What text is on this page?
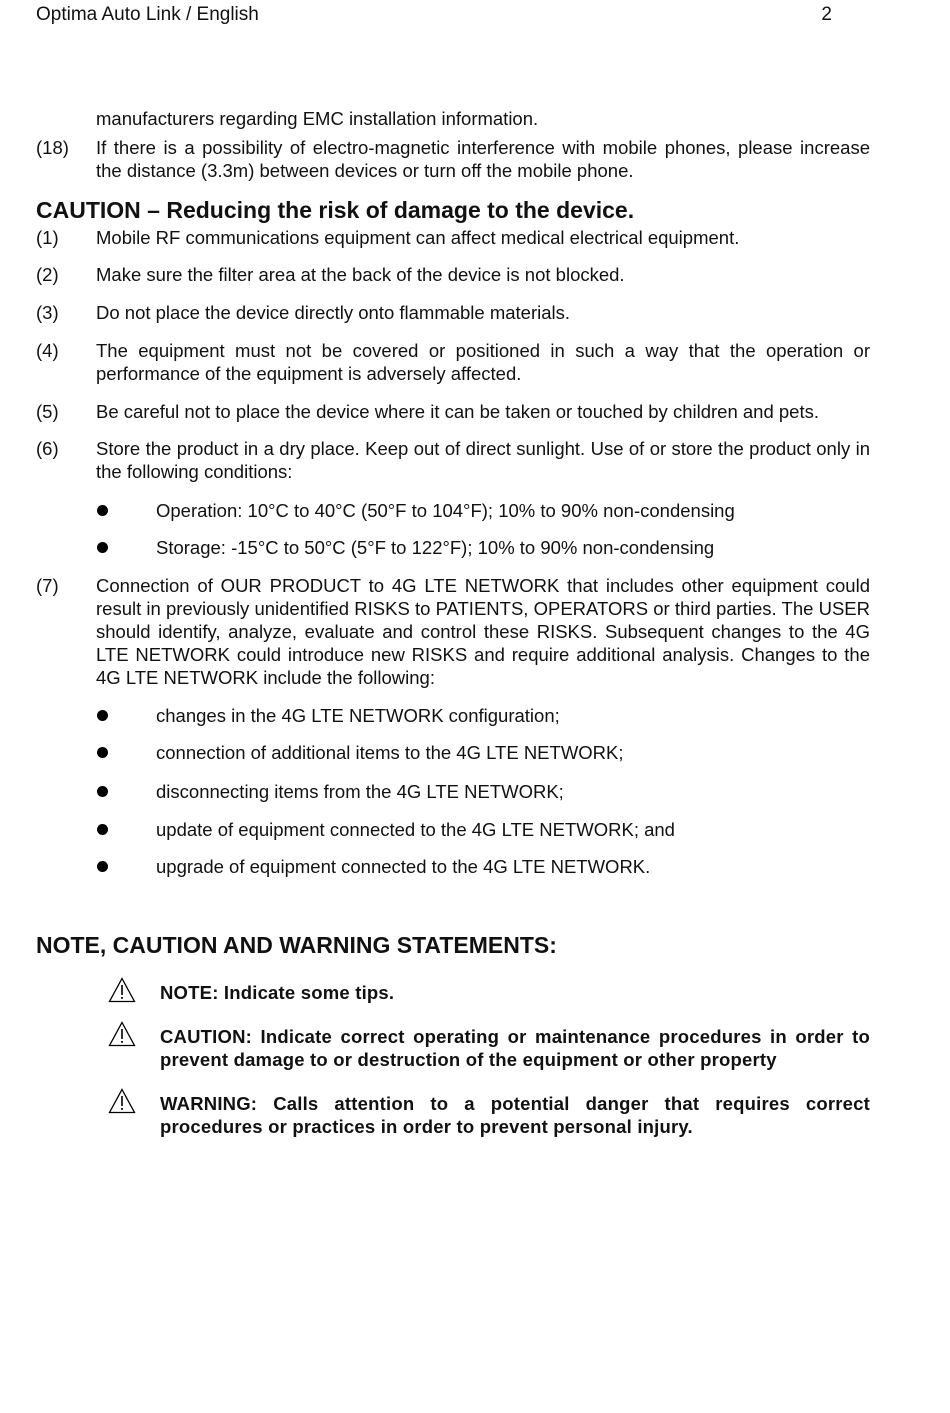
Optima Auto Link / English	2
manufacturers regarding EMC installation information.
(18) If there is a possibility of electro-magnetic interference with mobile phones, please increase the distance (3.3m) between devices or turn off the mobile phone.
CAUTION – Reducing the risk of damage to the device.
(1) Mobile RF communications equipment can affect medical electrical equipment.
(2) Make sure the filter area at the back of the device is not blocked.
(3) Do not place the device directly onto flammable materials.
(4) The equipment must not be covered or positioned in such a way that the operation or performance of the equipment is adversely affected.
(5) Be careful not to place the device where it can be taken or touched by children and pets.
(6) Store the product in a dry place. Keep out of direct sunlight. Use of or store the product only in the following conditions:
Operation: 10°C to 40°C (50°F to 104°F); 10% to 90% non-condensing
Storage: -15°C to 50°C (5°F to 122°F); 10% to 90% non-condensing
(7) Connection of OUR PRODUCT to 4G LTE NETWORK that includes other equipment could result in previously unidentified RISKS to PATIENTS, OPERATORS or third parties. The USER should identify, analyze, evaluate and control these RISKS. Subsequent changes to the 4G LTE NETWORK could introduce new RISKS and require additional analysis. Changes to the 4G LTE NETWORK include the following:
changes in the 4G LTE NETWORK configuration;
connection of additional items to the 4G LTE NETWORK;
disconnecting items from the 4G LTE NETWORK;
update of equipment connected to the 4G LTE NETWORK; and
upgrade of equipment connected to the 4G LTE NETWORK.
NOTE, CAUTION AND WARNING STATEMENTS:
NOTE: Indicate some tips.
CAUTION: Indicate correct operating or maintenance procedures in order to prevent damage to or destruction of the equipment or other property
WARNING: Calls attention to a potential danger that requires correct procedures or practices in order to prevent personal injury.
